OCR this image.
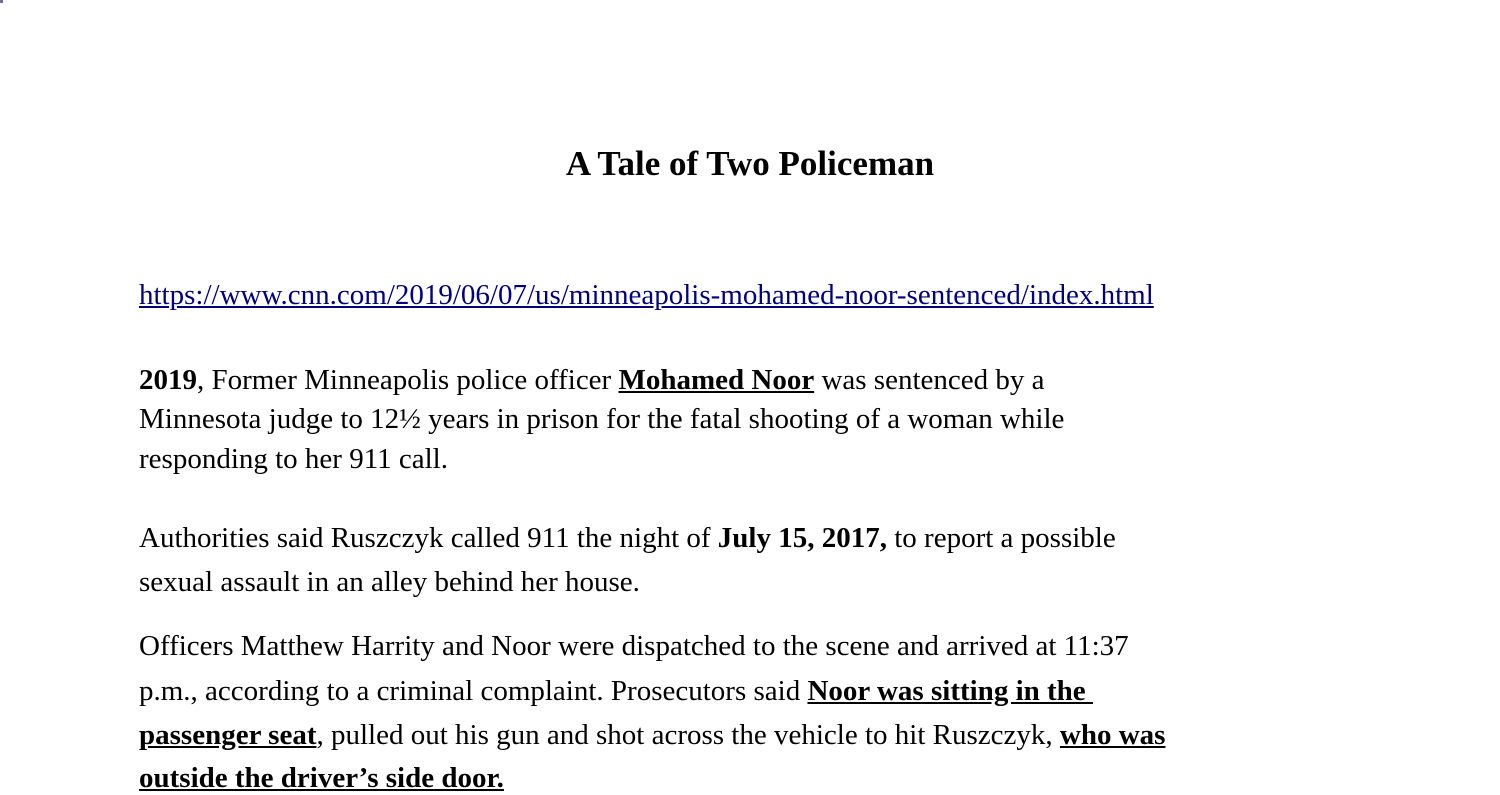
A Tale of Two Policeman
https://www.cnn.com/2019/06/07/us/minneapolis-mohamed-noor-sentenced/index.html
2019, Former Minneapolis police officer Mohamed Noor was sentenced by a
Minnesota judge to 12½ years in prison for the fatal shooting of a woman while
responding to her 911 call.
Authorities said Ruszczyk called 911 the night of July 15, 2017, to report a possible
sexual assault in an alley behind her house.
Officers Matthew Harrity and Noor were dispatched to the scene and arrived at 11:37
p.m., according to a criminal complaint. Prosecutors said Noor was sitting in the
passenger seat, pulled out his gun and shot across the vehicle to hit Ruszczyk, who was
outside the driver’s side door.
